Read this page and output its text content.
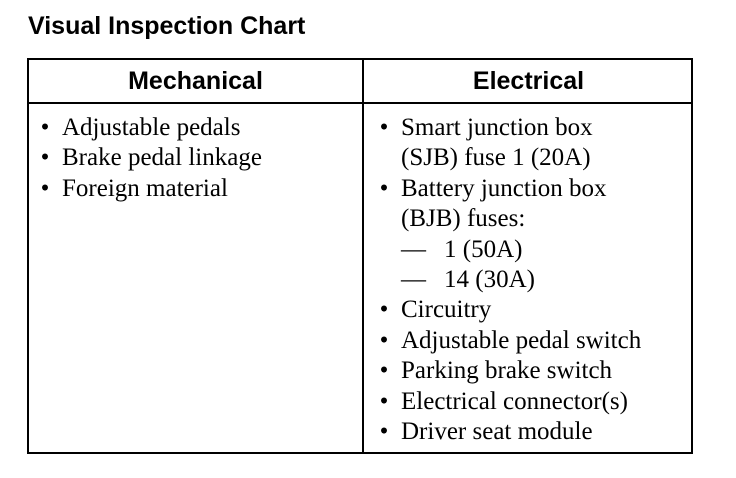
Visual Inspection Chart
Mechanical	Electrical
• Adjustable pedals
• Brake pedal linkage
• Foreign material
• Smart junction box
(SJB) fuse 1 (20A)
• Battery junction box
(BJB) fuses:
— 1 (50A)
— 14 (30A)
• Circuitry
• Adjustable pedal switch
• Parking brake switch
• Electrical connector(s)
• Driver seat module
